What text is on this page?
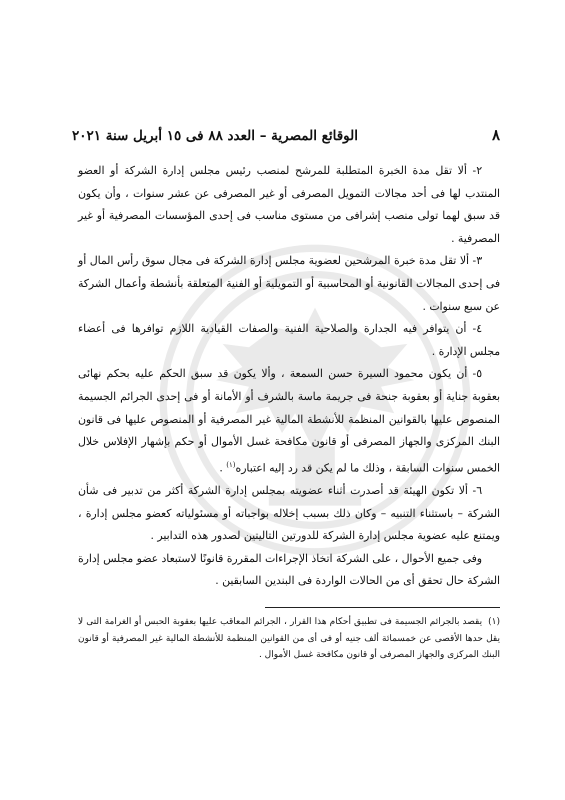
٨
الوقائع المصرية – العدد ٨٨ فى ١٥ أبريل سنة ٢٠٢١

٢- ألا تقل مدة الخبرة المتطلبة للمرشح لمنصب رئيس مجلس إدارة الشركة أو العضو المنتدب لها فى أحد مجالات التمويل المصرفى أو غير المصرفى عن عشر سنوات ، وأن يكون قد سبق لهما تولى منصب إشرافى من مستوى مناسب فى إحدى المؤسسات المصرفية أو غير المصرفية .

٣- ألا تقل مدة خبرة المرشحين لعضوية مجلس إدارة الشركة فى مجال سوق رأس المال أو فى إحدى المجالات القانونية أو المحاسبية أو التمويلية أو الفنية المتعلقة بأنشطة وأعمال الشركة عن سبع سنوات .

٤- أن يتوافر فيه الجدارة والصلاحية الفنية والصفات القيادية اللازم توافرها فى أعضاء مجلس الإدارة .

٥- أن يكون محمود السيرة حسن السمعة ، وألا يكون قد سبق الحكم عليه بحكم نهائى بعقوبة جناية أو بعقوبة جنحة فى جريمة ماسة بالشرف أو الأمانة أو فى إحدى الجرائم الجسيمة المنصوص عليها بالقوانين المنظمة للأنشطة المالية غير المصرفية أو المنصوص عليها فى قانون البنك المركزى والجهاز المصرفى أو قانون مكافحة غسل الأموال أو حكم بإشهار الإفلاس خلال الخمس سنوات السابقة ، وذلك ما لم يكن قد رد إليه اعتباره$^{(١)}$ .

٦- ألا تكون الهيئة قد أصدرت أثناء عضويته بمجلس إدارة الشركة أكثر من تدبير فى شأن الشركة – باستثناء التنبيه – وكان ذلك بسبب إخلاله بواجباته أو مسئولياته كعضو مجلس إدارة ، ويمتنع عليه عضوية مجلس إدارة الشركة للدورتين التاليتين لصدور هذه التدابير .

وفى جميع الأحوال ، على الشركة اتخاذ الإجراءات المقررة قانونًا لاستبعاد عضو مجلس إدارة الشركة حال تحقق أى من الحالات الواردة فى البندين السابقين .

(١)يقصد بالجرائم الجسيمة فى تطبيق أحكام هذا القرار ، الجرائم المعاقب عليها بعقوبة الحبس أو الغرامة التى لا يقل حدها الأقصى عن خمسمائة ألف جنيه أو فى أى من القوانين المنظمة للأنشطة المالية غير المصرفية أو قانون البنك المركزى والجهاز المصرفى أو قانون مكافحة غسل الأموال .
